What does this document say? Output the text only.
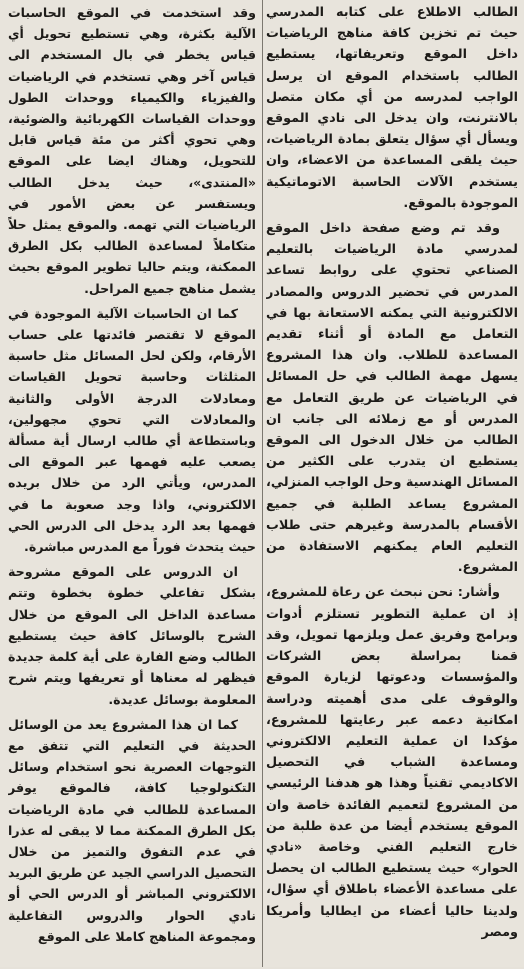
الطالب الاطلاع على كتابه المدرسي حيث تم تخزين كافة مناهج الرياضيات داخل الموقع وتعريفاتها، يستطيع الطالب باستخدام الموقع ان يرسل الواجب لمدرسه من أي مكان متصل بالانترنت، وان يدخل الى نادي الموقع ويسأل أي سؤال يتعلق بمادة الرياضيات، حيث يلقى المساعدة من الاعضاء، وان يستخدم الآلات الحاسبة الاتوماتيكية الموجودة بالموقع.

وقد تم وضع صفحة داخل الموقع لمدرسي مادة الرياضيات بالتعليم الصناعي تحتوي على روابط تساعد المدرس في تحضير الدروس والمصادر الالكترونية التي يمكنه الاستعانة بها في التعامل مع المادة أو أثناء تقديم المساعدة للطلاب. وان هذا المشروع يسهل مهمة الطالب في حل المسائل في الرياضيات عن طريق التعامل مع المدرس أو مع زملائه الى جانب ان الطالب من خلال الدخول الى الموقع يستطيع ان يتدرب على الكثير من المسائل الهندسية وحل الواجب المنزلي، المشروع يساعد الطلبة في جميع الأقسام بالمدرسة وغيرهم حتى طلاب التعليم العام يمكنهم الاستفادة من المشروع.

وأشار: نحن نبحث عن رعاة للمشروع، إذ ان عملية التطوير تستلزم أدوات وبرامج وفريق عمل ويلزمها تمويل، وقد قمنا بمراسلة بعض الشركات والمؤسسات ودعوتها لزيارة الموقع والوقوف على مدى أهميته ودراسة امكانية دعمه عبر رعايتها للمشروع، مؤكدا ان عملية التعليم الالكتروني ومساعدة الشباب في التحصيل الاكاديمي تقنياً وهذا هو هدفنا الرئيسي من المشروع لتعميم الفائدة خاصة وان الموقع يستخدم أيضا من عدة طلبة من خارج التعليم الفني وخاصة «نادي الحوار» حيث يستطيع الطالب ان يحصل على مساعدة الأعضاء باطلاق أي سؤال، ولدينا حاليا أعضاء من ايطاليا وأمريكا ومصر

وقد استخدمت في الموقع الحاسبات الآلية بكثرة، وهي تستطيع تحويل أي قياس يخطر في بال المستخدم الى قياس آخر وهي تستخدم في الرياضيات والفيزياء والكيمياء ووحدات الطول ووحدات القياسات الكهربائية والضوئية، وهي تحوي أكثر من مئة قياس قابل للتحويل، وهناك ايضا على الموقع «المنتدى»، حيث يدخل الطالب ويستفسر عن بعض الأمور في الرياضيات التي تهمه. والموقع يمثل حلاً متكاملاً لمساعدة الطالب بكل الطرق الممكنة، ويتم حاليا تطوير الموقع بحيث يشمل مناهج جميع المراحل.

كما ان الحاسبات الآلية الموجودة في الموقع لا تقتصر فائدتها على حساب الأرقام، ولكن لحل المسائل مثل حاسبة المثلثات وحاسبة تحويل القياسات ومعادلات الدرجة الأولى والثانية والمعادلات التي تحوي مجهولين، وباستطاعة أي طالب ارسال أية مسألة يصعب عليه فهمها عبر الموقع الى المدرس، ويأتي الرد من خلال بريده الالكتروني، واذا وجد صعوبة ما في فهمها بعد الرد يدخل الى الدرس الحي حيث يتحدث فوراً مع المدرس مباشرة.

ان الدروس على الموقع مشروحة بشكل تفاعلي خطوة بخطوة وتتم مساعدة الداخل الى الموقع من خلال الشرح بالوسائل كافة حيث يستطيع الطالب وضع الفارة على أية كلمة جديدة فيظهر له معناها أو تعريفها ويتم شرح المعلومة بوسائل عديدة.

كما ان هذا المشروع يعد من الوسائل الحديثة في التعليم التي تتفق مع التوجهات العصرية نحو استخدام وسائل التكنولوجيا كافة، فالموقع يوفر المساعدة للطالب في مادة الرياضيات بكل الطرق الممكنة مما لا يبقى له عذرا في عدم التفوق والتميز من خلال التحصيل الدراسي الجيد عن طريق البريد الالكتروني المباشر أو الدرس الحي أو نادي الحوار والدروس التفاعلية ومجموعة المناهج كاملا على الموقع
